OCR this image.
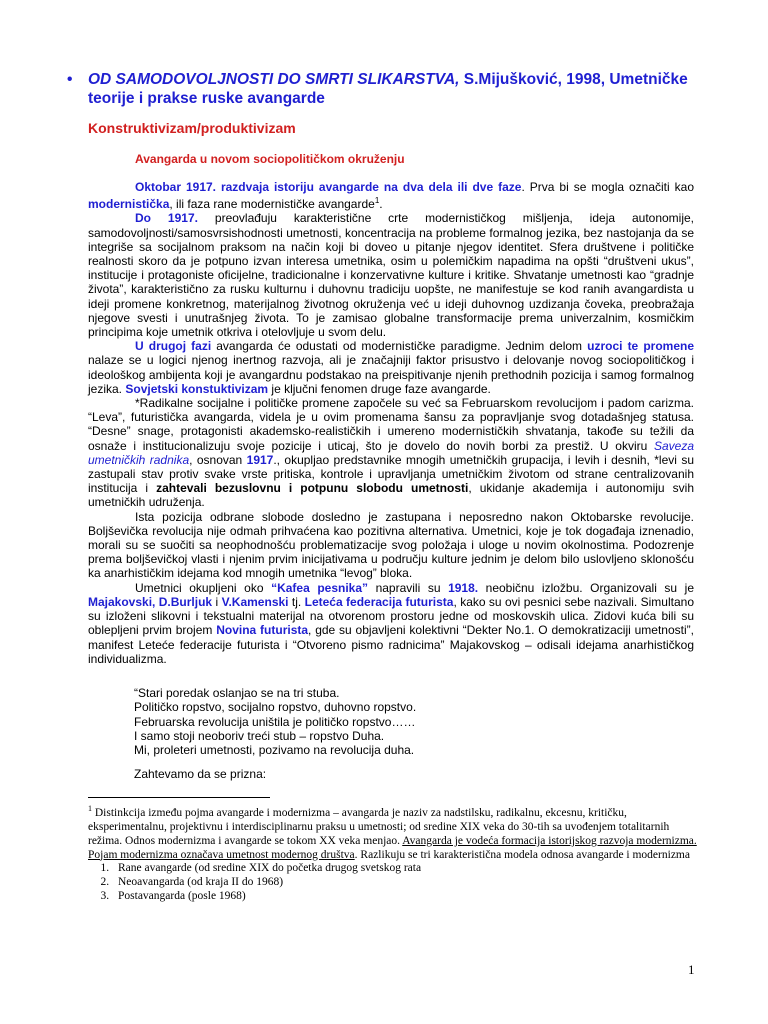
• OD SAMODOVOLJNOSTI DO SMRTI SLIKARSTVA, S.Mijušković, 1998, Umetničke teorije i prakse ruske avangarde
Konstruktivizam/produktivizam
Avangarda u novom sociopolitičkom okruženju

Oktobar 1917. razdvaja istoriju avangarde na dva dela ili dve faze. Prva bi se mogla označiti kao modernistička, ili faza rane modernističke avangarde$^1$.

Do 1917. preovlađuju karakteristične crte modernističkog mišljenja, ideja autonomije, samodovoljnosti/samosvrsishodnosti umetnosti, koncentracija na probleme formalnog jezika, bez nastojanja da se integriše sa socijalnom praksom na način koji bi doveo u pitanje njegov identitet. Sfera društvene i političke realnosti skoro da je potpuno izvan interesa umetnika, osim u polemičkim napadima na opšti “društveni ukus”, institucije i protagoniste oficijelne, tradicionalne i konzervativne kulture i kritike. Shvatanje umetnosti kao “gradnje života”, karakteristično za rusku kulturnu i duhovnu tradiciju uopšte, ne manifestuje se kod ranih avangardista u ideji promene konkretnog, materijalnog životnog okruženja već u ideji duhovnog uzdizanja čoveka, preobražaja njegove svesti i unutrašnjeg života. To je zamisao globalne transformacije prema univerzalnim, kosmičkim principima koje umetnik otkriva i otelovljuje u svom delu.

U drugoj fazi avangarda će odustati od modernističke paradigme. Jednim delom uzroci te promene nalaze se u logici njenog inertnog razvoja, ali je značajniji faktor prisustvo i delovanje novog sociopolitičkog i ideološkog ambijenta koji je avangardnu podstakao na preispitivanje njenih prethodnih pozicija i samog formalnog jezika. Sovjetski konstuktivizam je ključni fenomen druge faze avangarde.

*Radikalne socijalne i političke promene započele su već sa Februarskom revolucijom i padom carizma. “Leva”, futuristička avangarda, videla je u ovim promenama šansu za popravljanje svog dotadašnjeg statusa. “Desne” snage, protagonisti akademsko-realističkih i umereno modernističkih shvatanja, takođe su težili da osnaže i institucionalizuju svoje pozicije i uticaj, što je dovelo do novih borbi za prestiž. U okviru Saveza umetničkih radnika, osnovan 1917., okupljao predstavnike mnogih umetničkih grupacija, i levih i desnih, *levi su zastupali stav protiv svake vrste pritiska, kontrole i upravljanja umetničkim životom od strane centralizovanih institucija i zahtevali bezuslovnu i potpunu slobodu umetnosti, ukidanje akademija i autonomiju svih umetničkih udruženja.

Ista pozicija odbrane slobode dosledno je zastupana i neposredno nakon Oktobarske revolucije. Boljševička revolucija nije odmah prihvaćena kao pozitivna alternativa. Umetnici, koje je tok događaja iznenadio, morali su se suočiti sa neophodnošću problematizacije svog položaja i uloge u novim okolnostima. Podozrenje prema boljševičkoj vlasti i njenim prvim inicijativama u području kulture jednim je delom bilo uslovljeno sklonošću ka anarhističkim idejama kod mnogih umetnika “levog” bloka.

Umetnici okupljeni oko “Kafea pesnika” napravili su 1918. neobičnu izložbu. Organizovali su je Majakovski, D.Burljuk i V.Kamenski tj. Leteća federacija futurista, kako su ovi pesnici sebe nazivali. Simultano su izloženi slikovni i tekstualni materijal na otvorenom prostoru jedne od moskovskih ulica. Zidovi kuća bili su oblepljeni prvim brojem Novina futurista, gde su objavljeni kolektivni “Dekter No.1. O demokratizaciji umetnosti”, manifest Leteće federacije futurista i “Otvoreno pismo radnicima” Majakovskog – odisali idejama anarhističkog individualizma.

“Stari poredak oslanjao se na tri stuba.
Političko ropstvo, socijalno ropstvo, duhovno ropstvo.
Februarska revolucija uništila je političko ropstvo……
I samo stoji neoboriv treći stub – ropstvo Duha.
Mi, proleteri umetnosti, pozivamo na revolucija duha.
Zahtevamo da se prizna:
$^1$ Distinkcija između pojma avangarde i modernizma – avangarda je naziv za nadstilsku, radikalnu, ekcesnu, kritičku, eksperimentalnu, projektivnu i interdisciplinarnu praksu u umetnosti; od sredine XIX veka do 30-tih sa uvođenjem totalitarnih režima. Odnos modernizma i avangarde se tokom XX veka menjao. Avangarda je vodeća formacija istorijskog razvoja modernizma. Pojam modernizma označava umetnost modernog društva. Razlikuju se tri karakteristična modela odnosa avangarde i modernizma
1. Rane avangarde (od sredine XIX do početka drugog svetskog rata
2. Neoavangarda (od kraja II do 1968)
3. Postavangarda (posle 1968)
1
